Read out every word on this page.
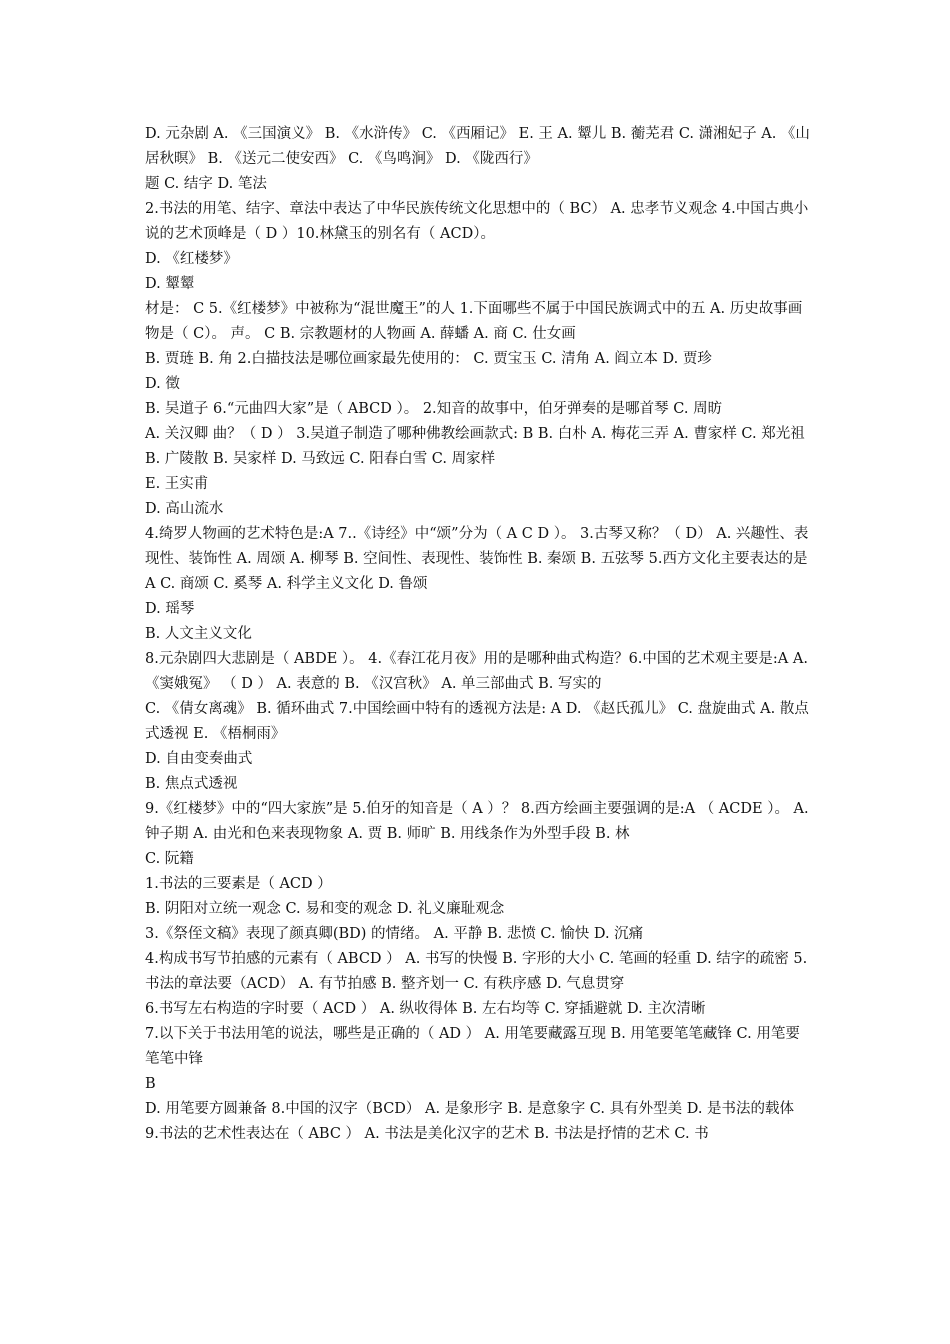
D. 元杂剧 A. 《三国演义》 B. 《水浒传》 C. 《西厢记》 E. 王 A. 颦儿 B. 蘅芜君 C. 潇湘妃子 A. 《山居秋暝》 B. 《送元二使安西》 C. 《鸟鸣涧》 D. 《陇西行》

题 C. 结字 D. 笔法

2.书法的用笔、结字、章法中表达了中华民族传统文化思想中的（ BC） A. 忠孝节义观念 4.中国古典小说的艺术顶峰是（ D ）10.林黛玉的别名有（ ACD）。

D. 《红楼梦》

D. 颦颦

材是： C 5.《红楼梦》中被称为“混世魔王”的人 1.下面哪些不属于中国民族调式中的五 A. 历史故事画 物是（ C）。 声。 C B. 宗教题材的人物画 A. 薛蟠 A. 商 C. 仕女画

B. 贾琏 B. 角 2.白描技法是哪位画家最先使用的： C. 贾宝玉 C. 清角 A. 阎立本 D. 贾珍

D. 徵

B. 吴道子 6.“元曲四大家”是（ ABCD ）。 2.知音的故事中，伯牙弹奏的是哪首琴 C. 周昉

A. 关汉卿 曲？（ D ） 3.吴道子制造了哪种佛教绘画款式: B B. 白朴 A. 梅花三弄 A. 曹家样 C. 郑光祖 B. 广陵散 B. 吴家样 D. 马致远 C. 阳春白雪 C. 周家样

E. 王实甫

D. 高山流水

4.绮罗人物画的艺术特色是:A 7..《诗经》中“颂”分为（ A C D ）。 3.古琴又称？（ D） A. 兴趣性、表现性、装饰性 A. 周颂 A. 柳琴 B. 空间性、表现性、装饰性 B. 秦颂 B. 五弦琴 5.西方文化主要表达的是 A C. 商颂 C. 奚琴 A. 科学主义文化 D. 鲁颂

D. 瑶琴

B. 人文主义文化

8.元杂剧四大悲剧是（ ABDE ）。 4.《春江花月夜》用的是哪种曲式构造？6.中国的艺术观主要是:A A. 《窦娥冤》 （ D ） A. 表意的 B. 《汉宫秋》 A. 单三部曲式 B. 写实的

C. 《倩女离魂》 B. 循环曲式 7.中国绘画中特有的透视方法是: A D. 《赵氏孤儿》 C. 盘旋曲式 A. 散点式透视 E. 《梧桐雨》

D. 自由变奏曲式

B. 焦点式透视

9.《红楼梦》中的“四大家族”是 5.伯牙的知音是（ A ）？ 8.西方绘画主要强调的是:A （ ACDE ）。 A. 钟子期 A. 由光和色来表现物象 A. 贾 B. 师旷 B. 用线条作为外型手段 B. 林

C. 阮籍

1.书法的三要素是（ ACD ）

B. 阴阳对立统一观念 C. 易和变的观念 D. 礼义廉耻观念

3.《祭侄文稿》表现了颜真卿(BD) 的情绪。 A. 平静 B. 悲愤 C. 愉快 D. 沉痛

4.构成书写节拍感的元素有（ ABCD ） A. 书写的快慢 B. 字形的大小 C. 笔画的轻重 D. 结字的疏密 5.书法的章法要（ACD） A. 有节拍感 B. 整齐划一 C. 有秩序感 D. 气息贯穿

6.书写左右构造的字时要（ ACD ） A. 纵收得体 B. 左右均等 C. 穿插避就 D. 主次清晰

7.以下关于书法用笔的说法，哪些是正确的（ AD ） A. 用笔要藏露互现 B. 用笔要笔笔藏锋 C. 用笔要笔笔中锋

B

D. 用笔要方圆兼备 8.中国的汉字（BCD） A. 是象形字 B. 是意象字 C. 具有外型美 D. 是书法的载体

9.书法的艺术性表达在（ ABC ） A. 书法是美化汉字的艺术 B. 书法是抒情的艺术 C. 书
